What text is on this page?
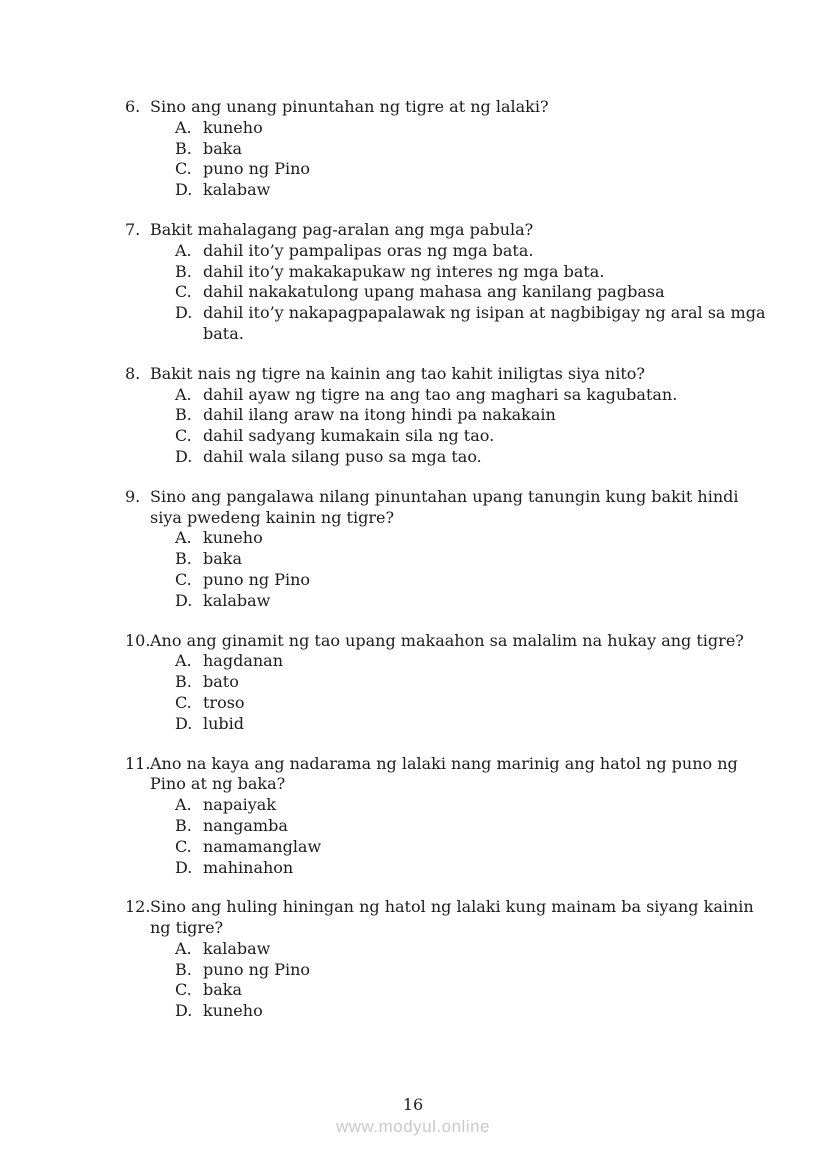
6. Sino ang unang pinuntahan ng tigre at ng lalaki?
A. kuneho
B. baka
C. puno ng Pino
D. kalabaw
7. Bakit mahalagang pag-aralan ang mga pabula?
A. dahil ito’y pampalipas oras ng mga bata.
B. dahil ito’y makakapukaw ng interes ng mga bata.
C. dahil nakakatulong upang mahasa ang kanilang pagbasa
D. dahil ito’y nakapagpapalawak ng isipan at nagbibigay ng aral sa mga
bata.
8. Bakit nais ng tigre na kainin ang tao kahit iniligtas siya nito?
A. dahil ayaw ng tigre na ang tao ang maghari sa kagubatan.
B. dahil ilang araw na itong hindi pa nakakain
C. dahil sadyang kumakain sila ng tao.
D. dahil wala silang puso sa mga tao.
9. Sino ang pangalawa nilang pinuntahan upang tanungin kung bakit hindi
siya pwedeng kainin ng tigre?
A. kuneho
B. baka
C. puno ng Pino
D. kalabaw
10. Ano ang ginamit ng tao upang makaahon sa malalim na hukay ang tigre?
A. hagdanan
B. bato
C. troso
D. lubid
11. Ano na kaya ang nadarama ng lalaki nang marinig ang hatol ng puno ng
Pino at ng baka?
A. napaiyak
B. nangamba
C. namamanglaw
D. mahinahon
12. Sino ang huling hiningan ng hatol ng lalaki kung mainam ba siyang kainin
ng tigre?
A. kalabaw
B. puno ng Pino
C. baka
D. kuneho
16
www.modyul.online
